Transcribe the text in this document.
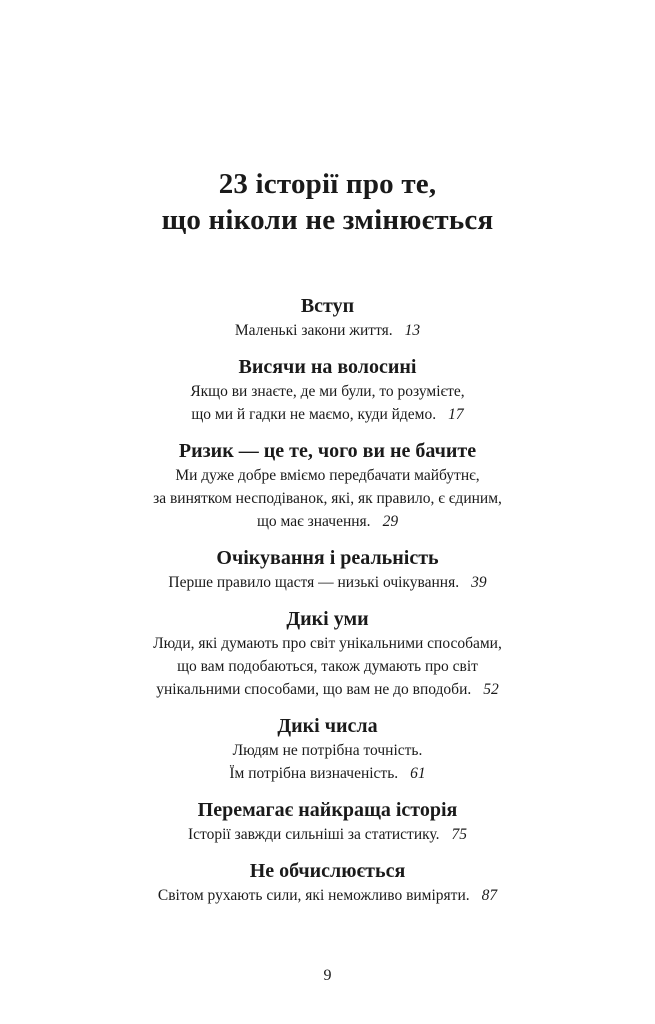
23 історії про те,
що ніколи не змінюється

Вступ

Маленькі закони життя. 13

Висячи на волосині

Якщо ви знаєте, де ми були, то розумієте,
що ми й гадки не маємо, куди йдемо. 17

Ризик — це те, чого ви не бачите

Ми дуже добре вміємо передбачати майбутнє,
за винятком несподіванок, які, як правило, є єдиним,
що має значення. 29

Очікування і реальність

Перше правило щастя — низькі очікування. 39

Дикі уми

Люди, які думають про світ унікальними способами,
що вам подобаються, також думають про світ
унікальними способами, що вам не до вподоби. 52

Дикі числа

Людям не потрібна точність.
Їм потрібна визначеність. 61

Перемагає найкраща історія

Історії завжди сильніші за статистику. 75

Не обчислюється

Світом рухають сили, які неможливо виміряти. 87

9
